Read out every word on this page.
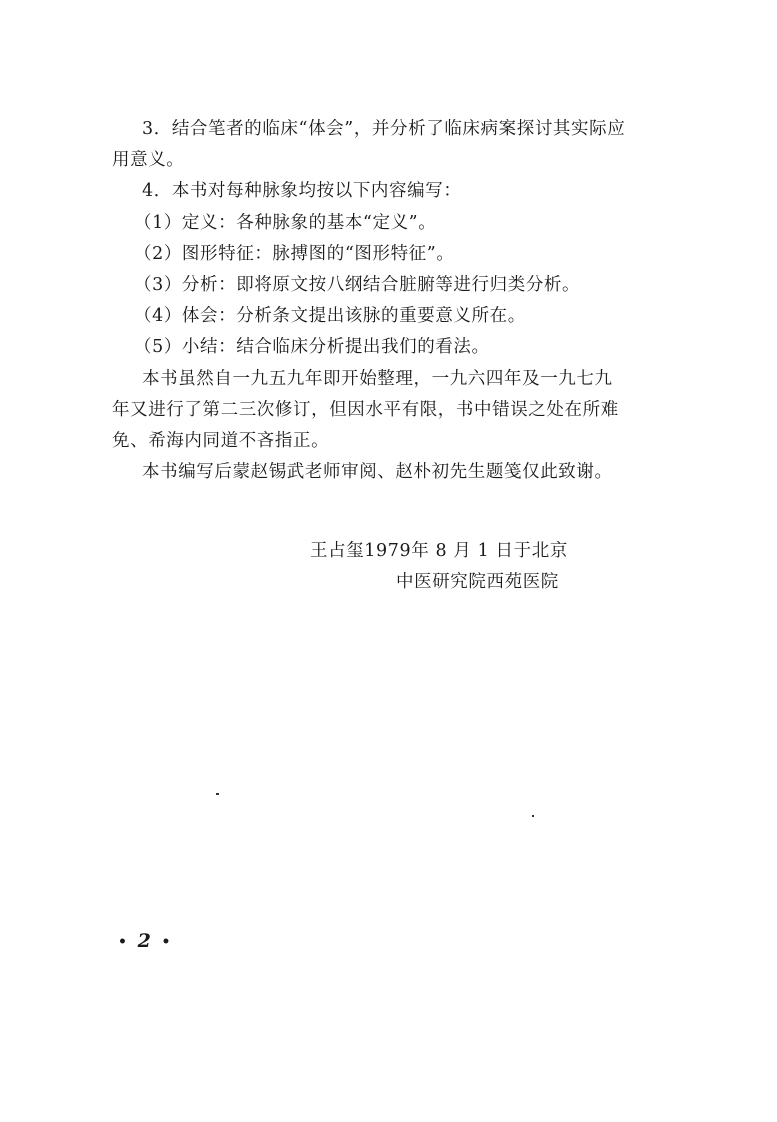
3．结合笔者的临床“体会”，并分析了临床病案探讨其实际应用意义。

4．本书对每种脉象均按以下内容编写：

（1）定义：各种脉象的基本“定义”。

（2）图形特征：脉搏图的“图形特征”。

（3）分析：即将原文按八纲结合脏腑等进行归类分析。

（4）体会：分析条文提出该脉的重要意义所在。

（5）小结：结合临床分析提出我们的看法。

本书虽然自一九五九年即开始整理，一九六四年及一九七九年又进行了第二三次修订，但因水平有限，书中错误之处在所难免、希海内同道不吝指正。

本书编写后蒙赵锡武老师审阅、赵朴初先生题笺仅此致谢。

王占玺1979年 8 月 1 日于北京
中医研究院西苑医院
• 2 •
